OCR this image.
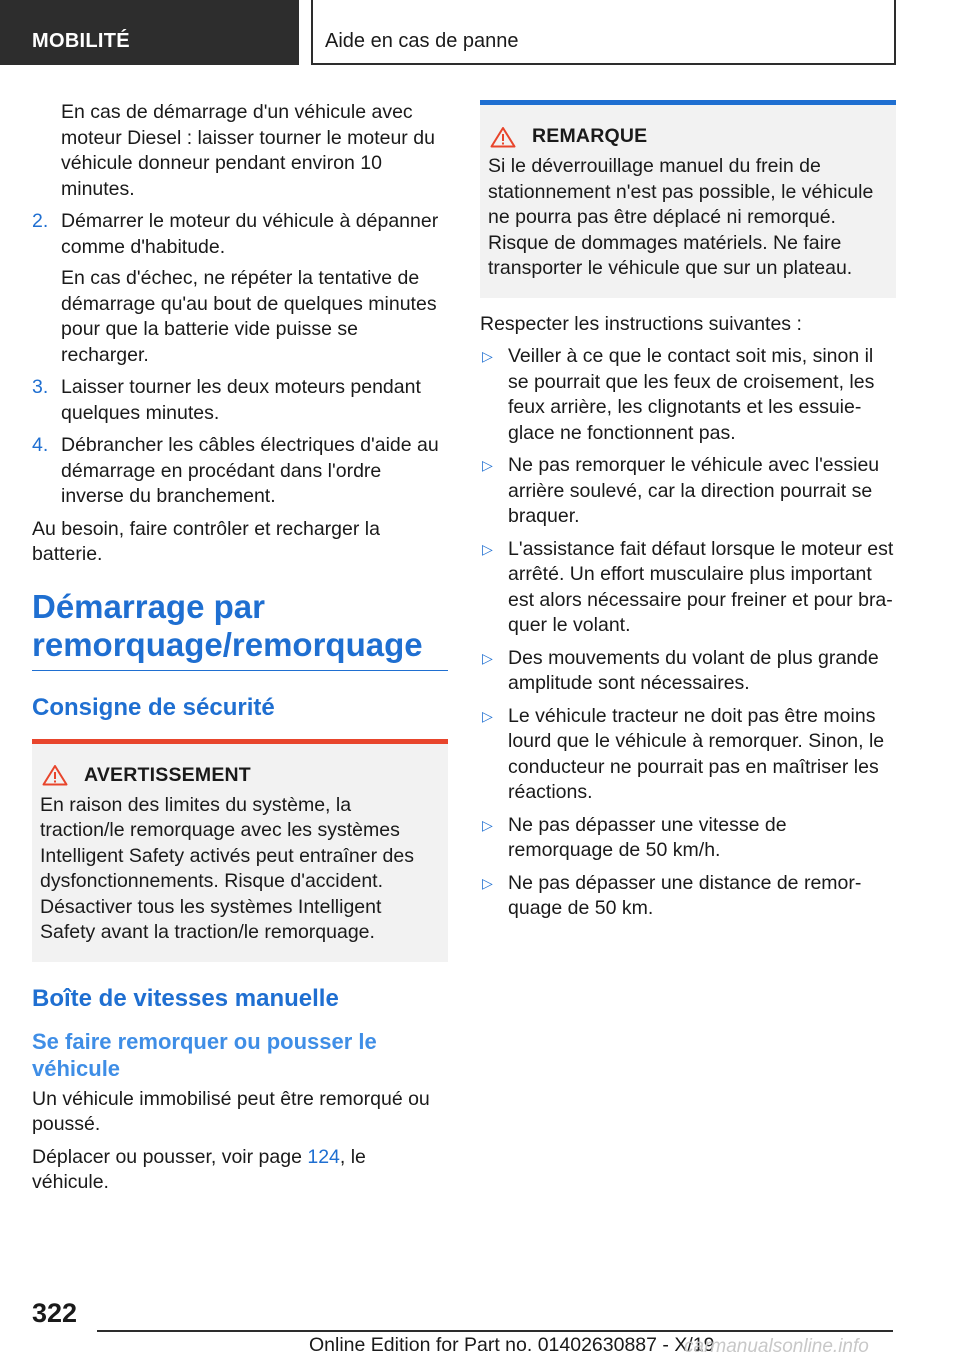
MOBILITÉ	Aide en cas de panne
En cas de démarrage d'un véhicule avec moteur Diesel : laisser tourner le moteur du véhicule donneur pendant environ 10 minutes.
2. Démarrer le moteur du véhicule à dépanner comme d'habitude.
En cas d'échec, ne répéter la tentative de démarrage qu'au bout de quelques minutes pour que la batterie vide puisse se recharger.
3. Laisser tourner les deux moteurs pendant quelques minutes.
4. Débrancher les câbles électriques d'aide au démarrage en procédant dans l'ordre inverse du branchement.
Au besoin, faire contrôler et recharger la batterie.
Démarrage par remorquage/remorquage
Consigne de sécurité
AVERTISSEMENT
En raison des limites du système, la traction/le remorquage avec les systèmes Intelligent Safety activés peut entraîner des dysfonctionnements. Risque d'accident. Désactiver tous les systèmes Intelligent Safety avant la traction/le remorquage.
Boîte de vitesses manuelle
Se faire remorquer ou pousser le véhicule
Un véhicule immobilisé peut être remorqué ou poussé.
Déplacer ou pousser, voir page 124, le véhicule.
REMARQUE
Si le déverrouillage manuel du frein de stationnement n'est pas possible, le véhicule ne pourra pas être déplacé ni remorqué. Risque de dommages matériels. Ne faire transporter le véhicule que sur un plateau.
Respecter les instructions suivantes :
▷ Veiller à ce que le contact soit mis, sinon il se pourrait que les feux de croisement, les feux arrière, les clignotants et les essuie-glace ne fonctionnent pas.
▷ Ne pas remorquer le véhicule avec l'essieu arrière soulevé, car la direction pourrait se braquer.
▷ L'assistance fait défaut lorsque le moteur est arrêté. Un effort musculaire plus important est alors nécessaire pour freiner et pour braquer le volant.
▷ Des mouvements du volant de plus grande amplitude sont nécessaires.
▷ Le véhicule tracteur ne doit pas être moins lourd que le véhicule à remorquer. Sinon, le conducteur ne pourrait pas en maîtriser les réactions.
▷ Ne pas dépasser une vitesse de remorquage de 50 km/h.
▷ Ne pas dépasser une distance de remorquage de 50 km.
322
Online Edition for Part no. 01402630887 - X/19
carmanualsonline.info
